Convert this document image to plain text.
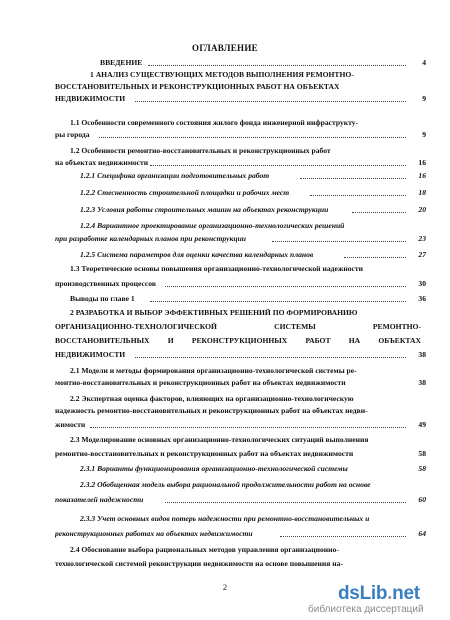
ОГЛАВЛЕНИЕ
ВВЕДЕНИЕ	4
1 АНАЛИЗ СУЩЕСТВУЮЩИХ МЕТОДОВ ВЫПОЛНЕНИЯ РЕМОНТНО-
ВОССТАНОВИТЕЛЬНЫХ И РЕКОНСТРУКЦИОННЫХ РАБОТ НА ОБЪЕКТАХ
НЕДВИЖИМОСТИ	9
1.1 Особенности современного состояния жилого фонда инженерной инфраструкту-
ры города	9
1.2 Особенности ремонтно-восстановительных и реконструкционных работ
на объектах недвижимости	16
1.2.1 Специфика организации подготовительных работ	16
1.2.2 Стесненность строительной площадки и рабочих мест	18
1.2.3 Условия работы строительных машин на объектах реконструкции	20
1.2.4 Вариантное проектирование организационно-технологических решений
при разработке календарных планов при реконструкции	23
1.2.5 Система параметров для оценки качества календарных планов	27
1.3 Теоретические основы повышения организационно-технологической надежности
производственных процессов	30
Выводы по главе 1	36
2 РАЗРАБОТКА И ВЫБОР ЭФФЕКТИВНЫХ РЕШЕНИЙ ПО ФОРМИРОВАНИЮ
ОРГАНИЗАЦИОННО-ТЕХНОЛОГИЧЕСКОЙ СИСТЕМЫ РЕМОНТНО-
ВОССТАНОВИТЕЛЬНЫХ И РЕКОНСТРУКЦИОННЫХ РАБОТ НА ОБЪЕКТАХ
НЕДВИЖИМОСТИ	38
2.1 Модели и методы формирования организационно-технологической системы ре-
монтно-восстановительных и реконструкционных работ на объектах недвижимости	38
2.2 Экспертная оценка факторов, влияющих на организационно-технологическую
надежность ремонтно-восстановительных и реконструкционных работ на объектах недви-
жимости	49
2.3 Моделирование основных организационно-технологических ситуаций выполнения
ремонтно-восстановительных и реконструкционных работ на объектах недвижимости	58
2.3.1 Варианты функционирования организационно-технологической системы	58
2.3.2 Обобщенная модель выбора рациональной продолжительности работ на основе
показателей надежности	60
2.3.3 Учет основных видов потерь надежности при ремонтно-восстановительных и
реконструкционных работах на объектах недвижимости	64
2.4 Обоснование выбора рациональных методов управления организационно-
технологической системой реконструкции недвижимости на основе повышения на-
2	dsLib.net
библиотека диссертаций
